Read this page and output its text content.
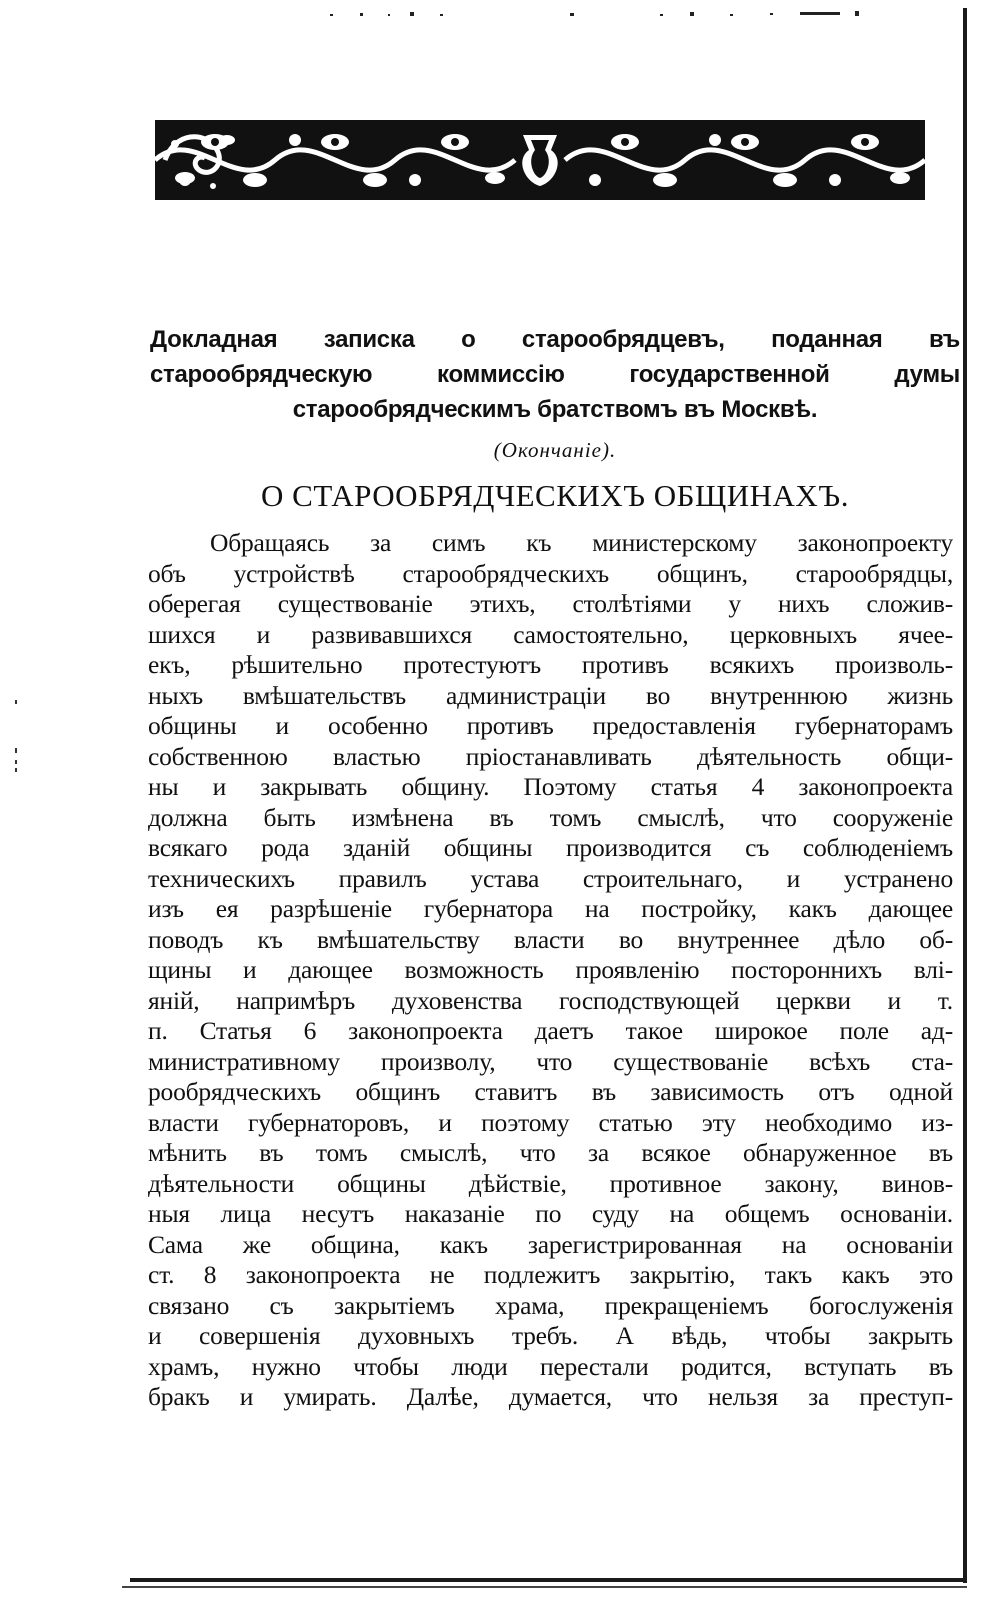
Докладная записка о старообрядцевъ, поданная въ старообрядческую коммиссію государственной думы старообрядческимъ братствомъ въ Москвѣ.
(Окончаніе).
О СТАРООБРЯДЧЕСКИХЪ ОБЩИНАХЪ.
Обращаясь за симъ къ министерскому законопроекту
объ устройствѣ старообрядческихъ общинъ, старообрядцы,
оберегая существованіе этихъ, столѣтіями у нихъ сложив-
шихся и развивавшихся самостоятельно, церковныхъ ячеe-
екъ, рѣшительно протестуютъ противъ всякихъ произволь-
ныхъ вмѣшательствъ администраціи во внутреннюю жизнь
общины и особенно противъ предоставленія губернаторамъ
собственною властью пріостанавливать дѣятельность общи-
ны и закрывать общину. Поэтому статья 4 законопроекта
должна быть измѣнена въ томъ смыслѣ, что сооруженіе
всякаго рода зданій общины производится съ соблюденіемъ
техническихъ правилъ устава строительнаго, и устранено
изъ ея разрѣшеніе губернатора на постройку, какъ дающее
поводъ къ вмѣшательству власти во внутреннее дѣло об-
щины и дающее возможность проявленію постороннихъ влі-
яній, напримѣръ духовенства господствующей церкви и т.
п. Статья 6 законопроекта даетъ такое широкое поле ад-
министративному произволу, что существованіе всѣхъ ста-
рообрядческихъ общинъ ставитъ въ зависимость отъ одной
власти губернаторовъ, и поэтому статью эту необходимо из-
мѣнить въ томъ смыслѣ, что за всякое обнаруженное въ
дѣятельности общины дѣйствіе, противное закону, винов-
ныя лица несутъ наказаніе по суду на общемъ основаніи.
Сама же община, какъ зарегистрированная на основаніи
ст. 8 законопроекта не подлежитъ закрытію, такъ какъ это
связано съ закрытіемъ храма, прекращеніемъ богослуженія
и совершенія духовныхъ требъ. А вѣдь, чтобы закрыть
храмъ, нужно чтобы люди перестали родится, вступать въ
бракъ и умирать. Далѣе, думается, что нельзя за преступ-
